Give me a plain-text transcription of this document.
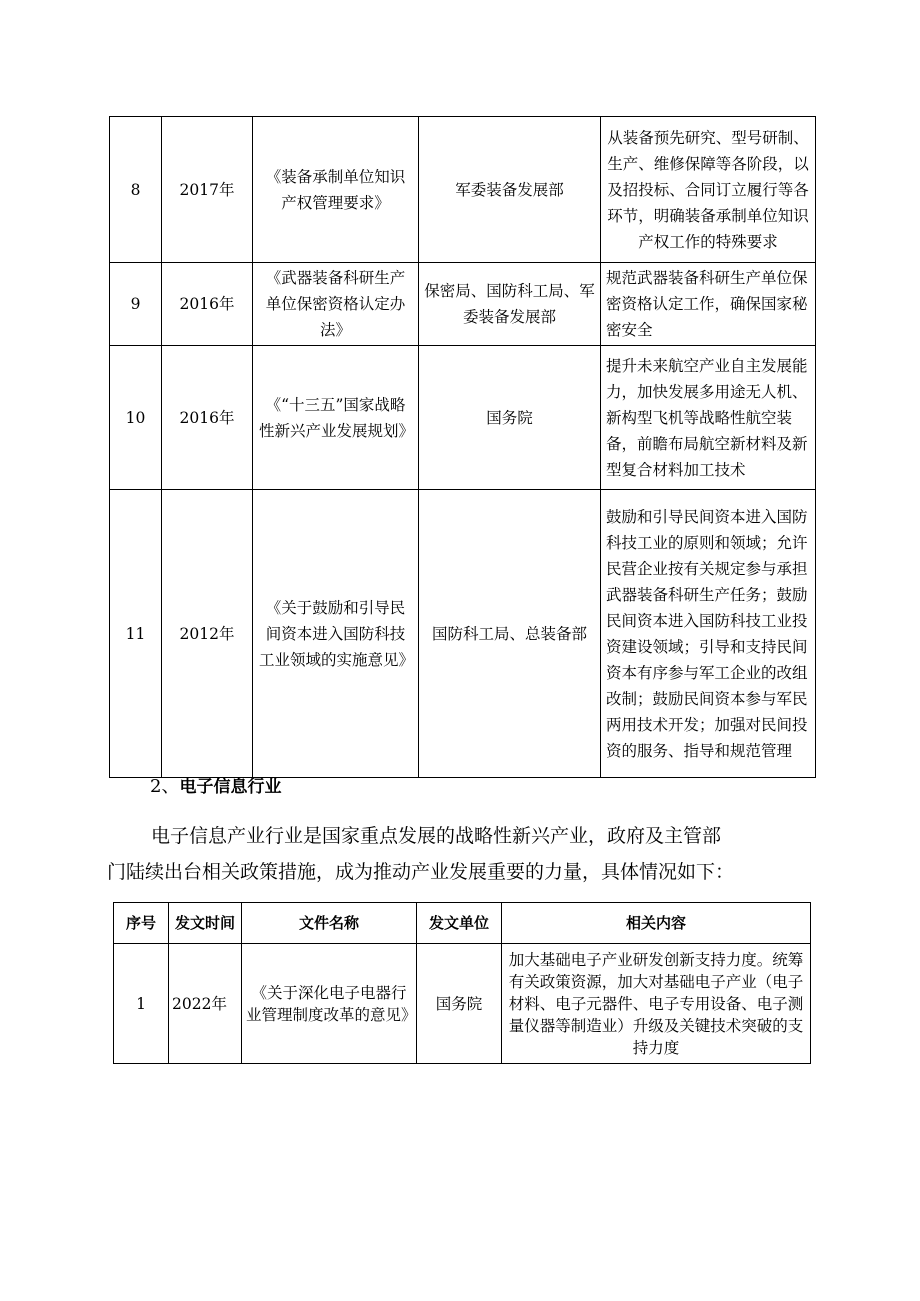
8	2017年	《装备承制单位知识产权管理要求》	军委装备发展部	从装备预先研究、型号研制、生产、维修保障等各阶段，以及招投标、合同订立履行等各环节，明确装备承制单位知识产权工作的特殊要求
9	2016年	《武器装备科研生产单位保密资格认定办法》	保密局、国防科工局、军委装备发展部	规范武器装备科研生产单位保密资格认定工作，确保国家秘密安全
10	2016年	《“十三五”国家战略性新兴产业发展规划》	国务院	提升未来航空产业自主发展能力，加快发展多用途无人机、新构型飞机等战略性航空装备，前瞻布局航空新材料及新型复合材料加工技术
11	2012年	《关于鼓励和引导民间资本进入国防科技工业领域的实施意见》	国防科工局、总装备部	鼓励和引导民间资本进入国防科技工业的原则和领域；允许民营企业按有关规定参与承担武器装备科研生产任务；鼓励民间资本进入国防科技工业投资建设领域；引导和支持民间资本有序参与军工企业的改组改制；鼓励民间资本参与军民两用技术开发；加强对民间投资的服务、指导和规范管理
2、电子信息行业
电子信息产业行业是国家重点发展的战略性新兴产业，政府及主管部
门陆续出台相关政策措施，成为推动产业发展重要的力量，具体情况如下：
序号	发文时间	文件名称	发文单位	相关内容
1	2022年	《关于深化电子电器行业管理制度改革的意见》	国务院	加大基础电子产业研发创新支持力度。统筹有关政策资源，加大对基础电子产业（电子材料、电子元器件、电子专用设备、电子测量仪器等制造业）升级及关键技术突破的支持力度
